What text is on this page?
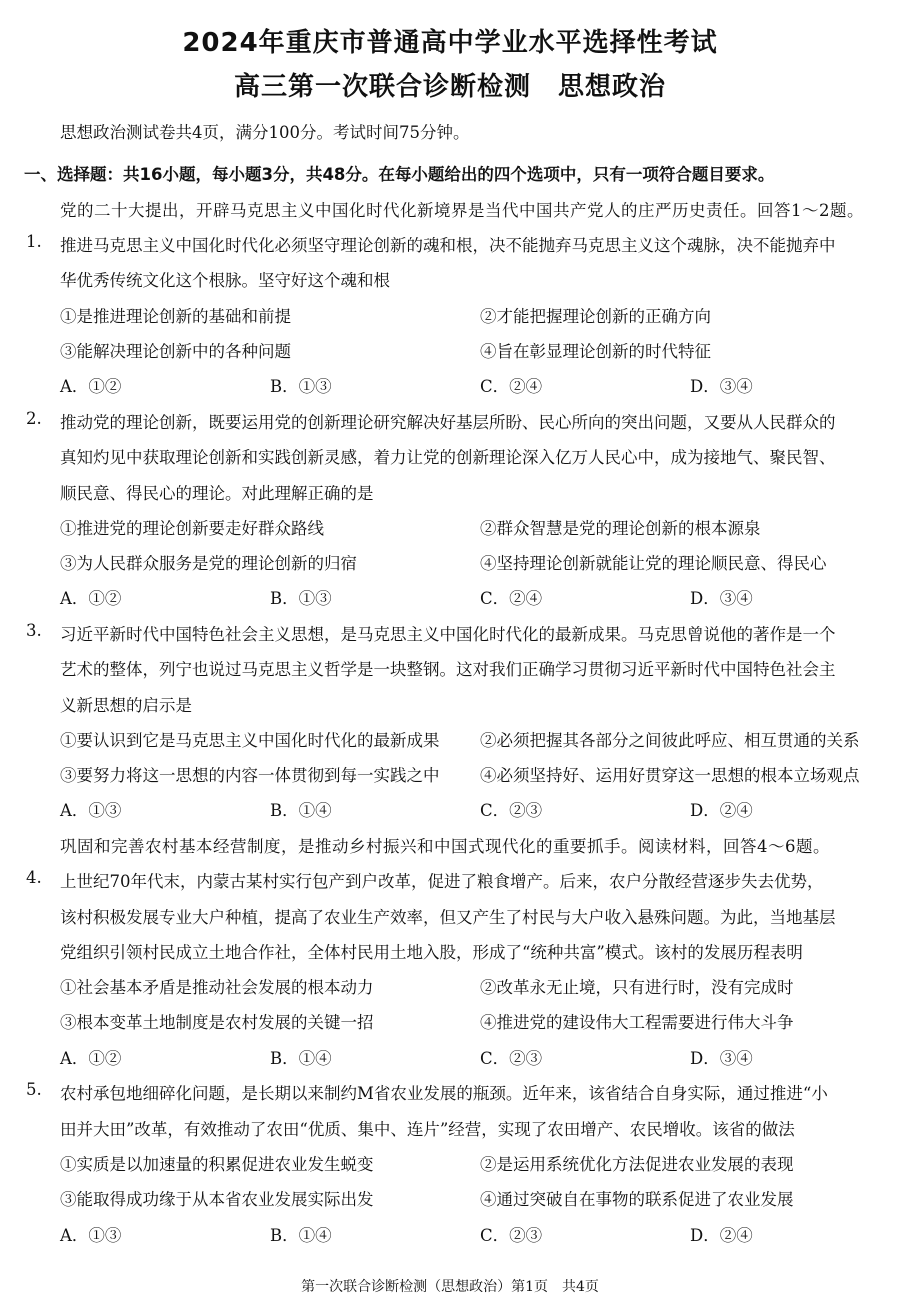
2024年重庆市普通高中学业水平选择性考试
高三第一次联合诊断检测　思想政治
思想政治测试卷共4页，满分100分。考试时间75分钟。
一、选择题：共16小题，每小题3分，共48分。在每小题给出的四个选项中，只有一项符合题目要求。
党的二十大提出，开辟马克思主义中国化时代化新境界是当代中国共产党人的庄严历史责任。回答1～2题。
1. 推进马克思主义中国化时代化必须坚守理论创新的魂和根，决不能抛弃马克思主义这个魂脉，决不能抛弃中
华优秀传统文化这个根脉。坚守好这个魂和根
①是推进理论创新的基础和前提	②才能把握理论创新的正确方向
③能解决理论创新中的各种问题	④旨在彰显理论创新的时代特征
A．①②	B．①③	C．②④	D．③④
2. 推动党的理论创新，既要运用党的创新理论研究解决好基层所盼、民心所向的突出问题，又要从人民群众的
真知灼见中获取理论创新和实践创新灵感，着力让党的创新理论深入亿万人民心中，成为接地气、聚民智、
顺民意、得民心的理论。对此理解正确的是
①推进党的理论创新要走好群众路线	②群众智慧是党的理论创新的根本源泉
③为人民群众服务是党的理论创新的归宿	④坚持理论创新就能让党的理论顺民意、得民心
A．①②	B．①③	C．②④	D．③④
3. 习近平新时代中国特色社会主义思想，是马克思主义中国化时代化的最新成果。马克思曾说他的著作是一个
艺术的整体，列宁也说过马克思主义哲学是一块整钢。这对我们正确学习贯彻习近平新时代中国特色社会主
义新思想的启示是
①要认识到它是马克思主义中国化时代化的最新成果 ②必须把握其各部分之间彼此呼应、相互贯通的关系
③要努力将这一思想的内容一体贯彻到每一实践之中 ④必须坚持好、运用好贯穿这一思想的根本立场观点
A．①③	B．①④	C．②③	D．②④
巩固和完善农村基本经营制度，是推动乡村振兴和中国式现代化的重要抓手。阅读材料，回答4～6题。
4. 上世纪70年代末，内蒙古某村实行包产到户改革，促进了粮食增产。后来，农户分散经营逐步失去优势，
该村积极发展专业大户种植，提高了农业生产效率，但又产生了村民与大户收入悬殊问题。为此，当地基层
党组织引领村民成立土地合作社，全体村民用土地入股，形成了“统种共富”模式。该村的发展历程表明
①社会基本矛盾是推动社会发展的根本动力	②改革永无止境，只有进行时，没有完成时
③根本变革土地制度是农村发展的关键一招	④推进党的建设伟大工程需要进行伟大斗争
A．①②	B．①④	C．②③	D．③④
5. 农村承包地细碎化问题，是长期以来制约M省农业发展的瓶颈。近年来，该省结合自身实际，通过推进“小
田并大田”改革，有效推动了农田“优质、集中、连片”经营，实现了农田增产、农民增收。该省的做法
①实质是以加速量的积累促进农业发生蜕变	②是运用系统优化方法促进农业发展的表现
③能取得成功缘于从本省农业发展实际出发	④通过突破自在事物的联系促进了农业发展
A．①③	B．①④	C．②③	D．②④
第一次联合诊断检测（思想政治）第1页　共4页
